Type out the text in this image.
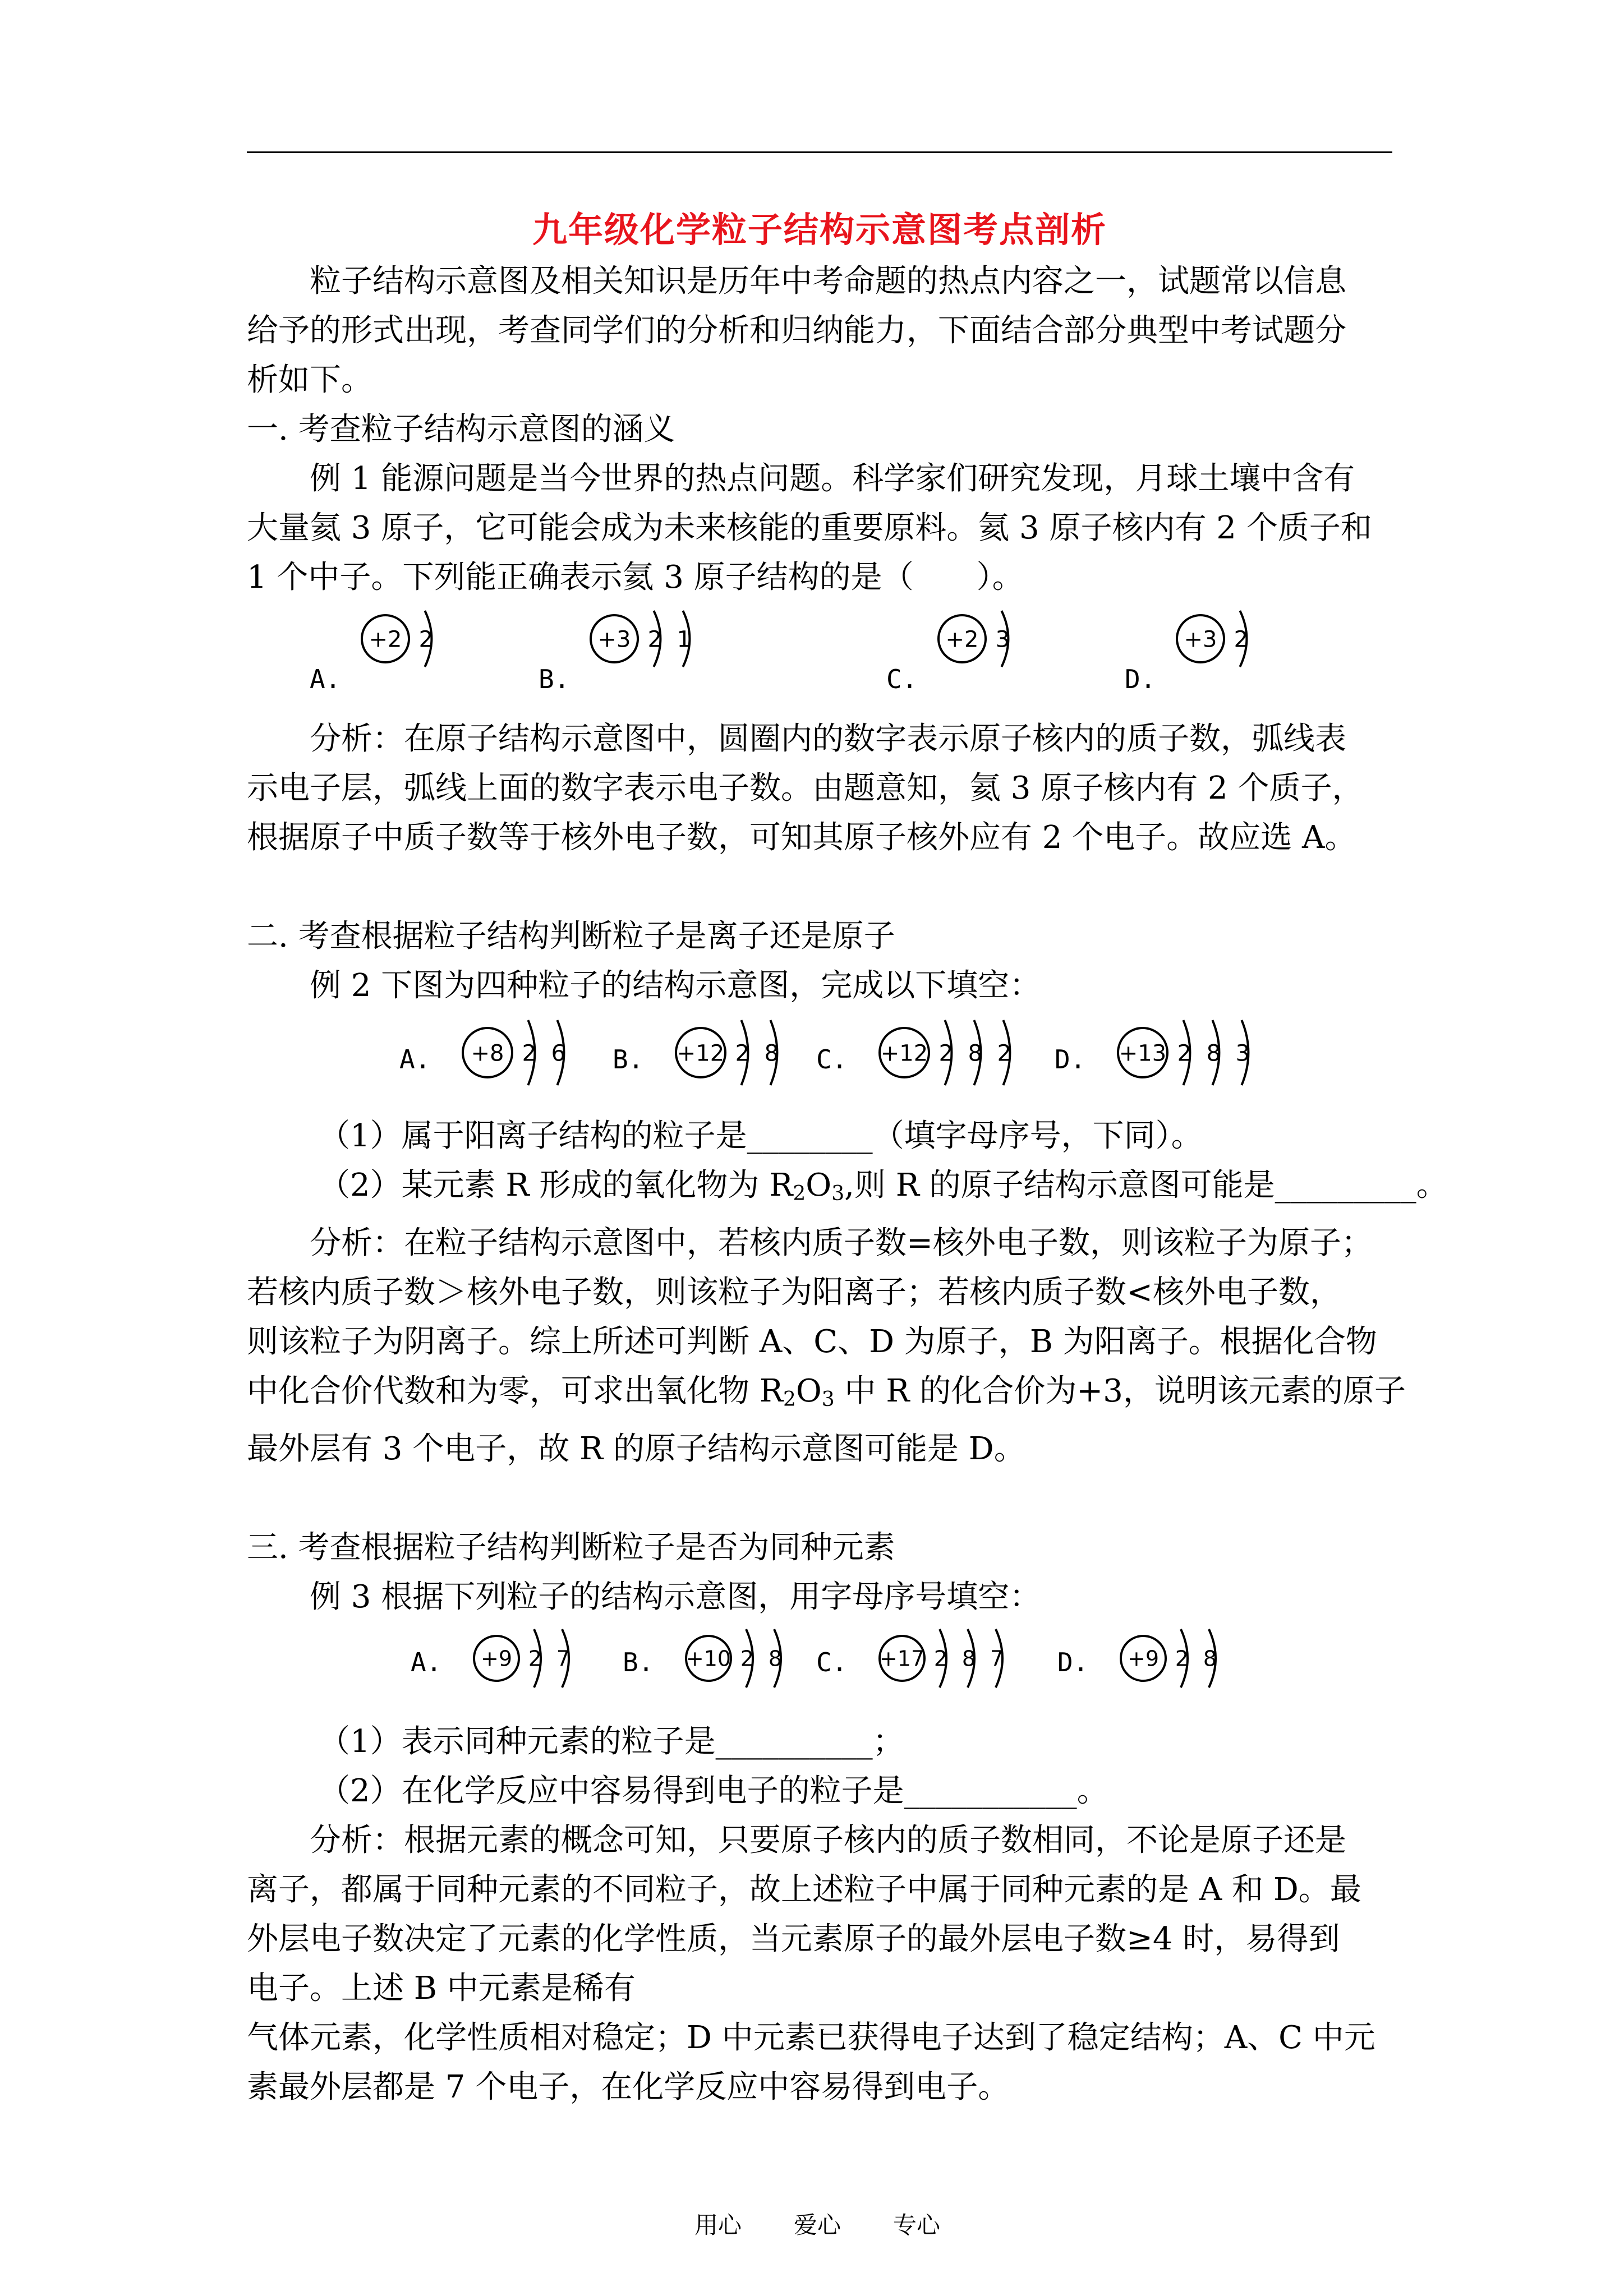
九年级化学粒子结构示意图考点剖析

粒子结构示意图及相关知识是历年中考命题的热点内容之一，试题常以信息

给予的形式出现，考查同学们的分析和归纳能力，下面结合部分典型中考试题分

析如下。

一. 考查粒子结构示意图的涵义

例 1 能源问题是当今世界的热点问题。科学家们研究发现，月球土壤中含有

大量氦 3 原子，它可能会成为未来核能的重要原料。氦 3 原子核内有 2 个质子和

1 个中子。下列能正确表示氦 3 原子结构的是（　　）。

A.
+2 2
B.
+3 2 1
C.
+2 3
D.
+3 2

分析：在原子结构示意图中，圆圈内的数字表示原子核内的质子数，弧线表

示电子层，弧线上面的数字表示电子数。由题意知，氦 3 原子核内有 2 个质子，

根据原子中质子数等于核外电子数，可知其原子核外应有 2 个电子。故应选 A。

二. 考查根据粒子结构判断粒子是离子还是原子

例 2 下图为四种粒子的结构示意图，完成以下填空：

A. +8 2 6 B. +12 2 8 C. +12 2 8 2 D. +13 2 8 3

（1）属于阳离子结构的粒子是________（填字母序号，下同）。

（2）某元素 R 形成的氧化物为 $R_2O_3$,则 R 的原子结构示意图可能是_________。

分析：在粒子结构示意图中，若核内质子数=核外电子数，则该粒子为原子；

若核内质子数＞核外电子数，则该粒子为阳离子；若核内质子数<核外电子数，

则该粒子为阴离子。综上所述可判断 A、C、D 为原子，B 为阳离子。根据化合物

中化合价代数和为零，可求出氧化物 $R_2O_3$ 中 R 的化合价为+3，说明该元素的原子

最外层有 3 个电子，故 R 的原子结构示意图可能是 D。

三. 考查根据粒子结构判断粒子是否为同种元素

例 3 根据下列粒子的结构示意图，用字母序号填空：

A. +9 2 7 B. +10 2 8 C. +17 2 8 7 D. +9 2 8

（1）表示同种元素的粒子是__________；

（2）在化学反应中容易得到电子的粒子是___________。

分析：根据元素的概念可知，只要原子核内的质子数相同，不论是原子还是

离子，都属于同种元素的不同粒子，故上述粒子中属于同种元素的是 A 和 D。最

外层电子数决定了元素的化学性质，当元素原子的最外层电子数≥4 时，易得到

电子。上述 B 中元素是稀有

气体元素，化学性质相对稳定；D 中元素已获得电子达到了稳定结构；A、C 中元

素最外层都是 7 个电子，在化学反应中容易得到电子。

用心 爱心 专心
